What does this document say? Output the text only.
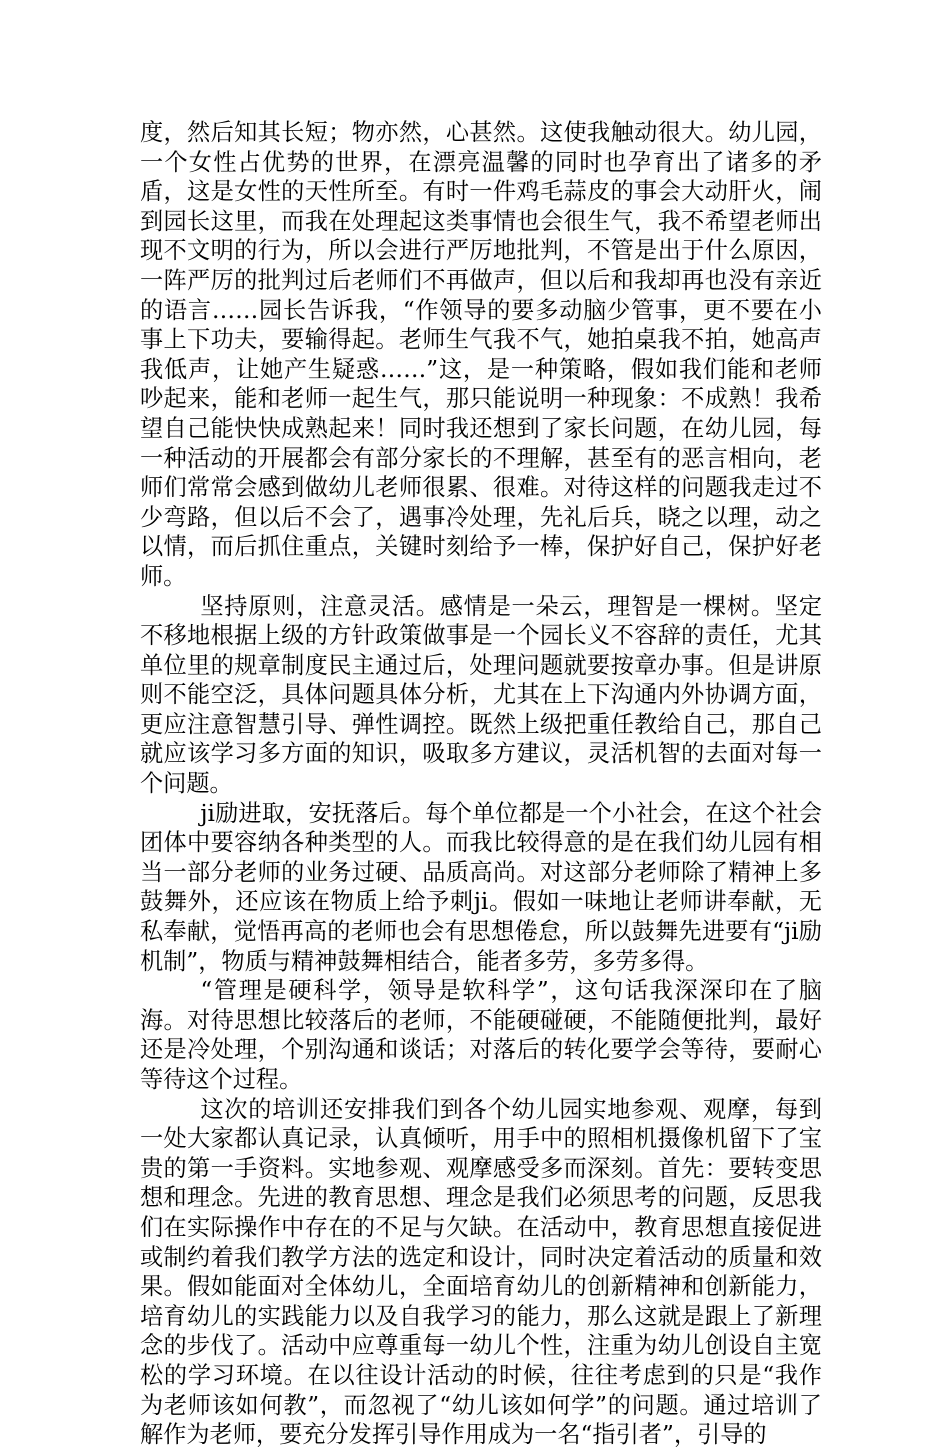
度，然后知其长短；物亦然，心甚然。这使我触动很大。幼儿园，一个女性占优势的世界，在漂亮温馨的同时也孕育出了诸多的矛盾，这是女性的天性所至。有时一件鸡毛蒜皮的事会大动肝火，闹到园长这里，而我在处理起这类事情也会很生气，我不希望老师出现不文明的行为，所以会进行严厉地批判，不管是出于什么原因，一阵严厉的批判过后老师们不再做声，但以后和我却再也没有亲近的语言……园长告诉我，“作领导的要多动脑少管事，更不要在小事上下功夫，要输得起。老师生气我不气，她拍桌我不拍，她高声我低声，让她产生疑惑……”这，是一种策略，假如我们能和老师吵起来，能和老师一起生气，那只能说明一种现象：不成熟！我希望自己能快快成熟起来！同时我还想到了家长问题，在幼儿园，每一种活动的开展都会有部分家长的不理解，甚至有的恶言相向，老师们常常会感到做幼儿老师很累、很难。对待这样的问题我走过不少弯路，但以后不会了，遇事冷处理，先礼后兵，晓之以理，动之以情，而后抓住重点，关键时刻给予一棒，保护好自己，保护好老师。

坚持原则，注意灵活。感情是一朵云，理智是一棵树。坚定不移地根据上级的方针政策做事是一个园长义不容辞的责任，尤其单位里的规章制度民主通过后，处理问题就要按章办事。但是讲原则不能空泛，具体问题具体分析，尤其在上下沟通内外协调方面，更应注意智慧引导、弹性调控。既然上级把重任教给自己，那自己就应该学习多方面的知识，吸取多方建议，灵活机智的去面对每一个问题。

ji励进取，安抚落后。每个单位都是一个小社会，在这个社会团体中要容纳各种类型的人。而我比较得意的是在我们幼儿园有相当一部分老师的业务过硬、品质高尚。对这部分老师除了精神上多鼓舞外，还应该在物质上给予刺ji。假如一味地让老师讲奉献，无私奉献，觉悟再高的老师也会有思想倦怠，所以鼓舞先进要有“ji励机制”，物质与精神鼓舞相结合，能者多劳，多劳多得。

“管理是硬科学，领导是软科学”，这句话我深深印在了脑海。对待思想比较落后的老师，不能硬碰硬，不能随便批判，最好还是冷处理，个别沟通和谈话；对落后的转化要学会等待，要耐心等待这个过程。

这次的培训还安排我们到各个幼儿园实地参观、观摩，每到一处大家都认真记录，认真倾听，用手中的照相机摄像机留下了宝贵的第一手资料。实地参观、观摩感受多而深刻。首先：要转变思想和理念。先进的教育思想、理念是我们必须思考的问题，反思我们在实际操作中存在的不足与欠缺。在活动中，教育思想直接促进或制约着我们教学方法的选定和设计，同时决定着活动的质量和效果。假如能面对全体幼儿，全面培育幼儿的创新精神和创新能力，培育幼儿的实践能力以及自我学习的能力，那么这就是跟上了新理念的步伐了。活动中应尊重每一幼儿个性，注重为幼儿创设自主宽松的学习环境。在以往设计活动的时候，往往考虑到的只是“我作为老师该如何教”，而忽视了“幼儿该如何学”的问题。通过培训了解作为老师，要充分发挥引导作用成为一名“指引者”，引导的
